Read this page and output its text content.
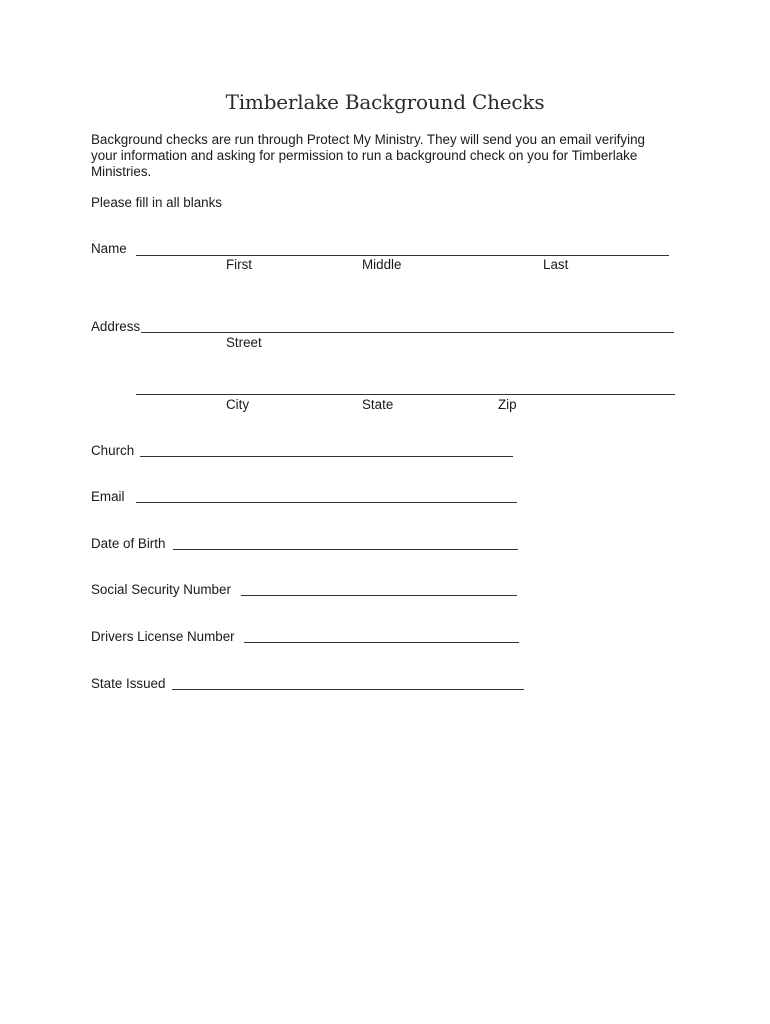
Timberlake Background Checks
Background checks are run through Protect My Ministry. They will send you an email verifying
your information and asking for permission to run a background check on you for Timberlake
Ministries.
Please fill in all blanks
Name
First	Middle	Last
Address
Street
City	State	Zip
Church
Email
Date of Birth
Social Security Number
Drivers License Number
State Issued
